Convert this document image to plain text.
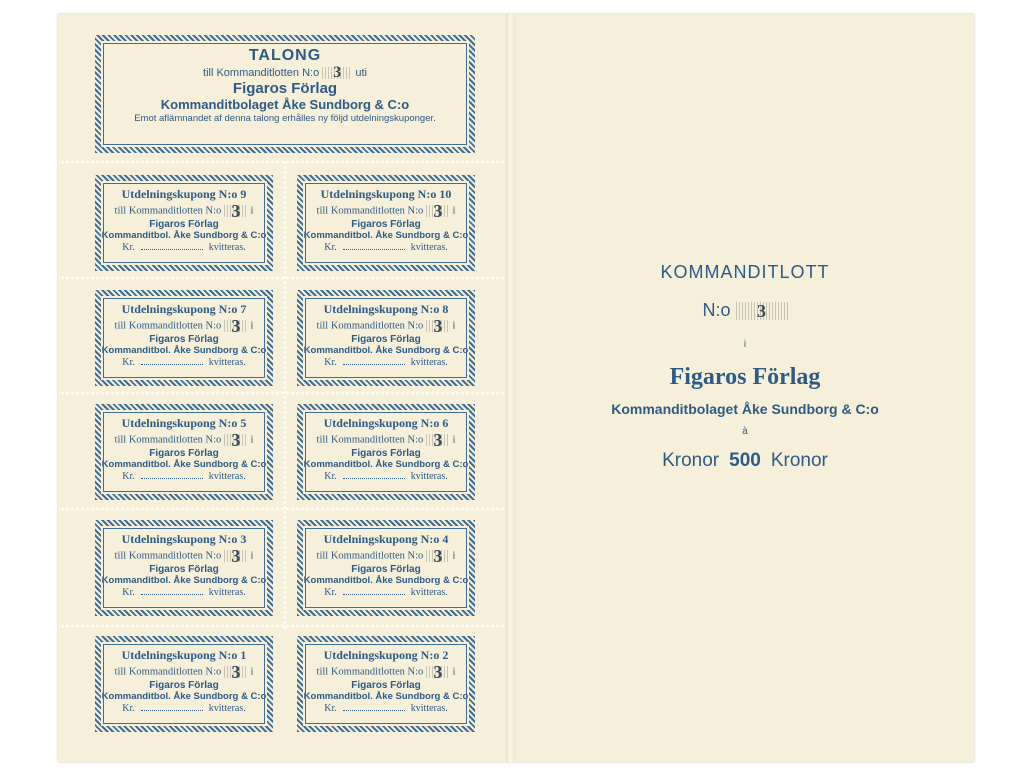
TALONG
till Kommanditlotten N:o 3 uti
Figaros Förlag
Kommanditbolaget Åke Sundborg & C:o
Emot aflämnandet af denna talong erhålles ny följd utdelningskuponger.
Utdelningskupong N:o 9
till Kommanditlotten N:o 3 i
Figaros Förlag
Kommanditbol. Åke Sundborg & C:o
Kr.	kvitteras.
Utdelningskupong N:o 10
till Kommanditlotten N:o 3 i
Figaros Förlag
Kommanditbol. Åke Sundborg & C:o
Kr.	kvitteras.
Utdelningskupong N:o 7
till Kommanditlotten N:o 3 i
Figaros Förlag
Kommanditbol. Åke Sundborg & C:o
Kr.	kvitteras.
Utdelningskupong N:o 8
till Kommanditlotten N:o 3 i
Figaros Förlag
Kommanditbol. Åke Sundborg & C:o
Kr.	kvitteras.
Utdelningskupong N:o 5
till Kommanditlotten N:o 3 i
Figaros Förlag
Kommanditbol. Åke Sundborg & C:o
Kr.	kvitteras.
Utdelningskupong N:o 6
till Kommanditlotten N:o 3 i
Figaros Förlag
Kommanditbol. Åke Sundborg & C:o
Kr.	kvitteras.
Utdelningskupong N:o 3
till Kommanditlotten N:o 3 i
Figaros Förlag
Kommanditbol. Åke Sundborg & C:o
Kr.	kvitteras.
Utdelningskupong N:o 4
till Kommanditlotten N:o 3 i
Figaros Förlag
Kommanditbol. Åke Sundborg & C:o
Kr.	kvitteras.
Utdelningskupong N:o 1
till Kommanditlotten N:o 3 i
Figaros Förlag
Kommanditbol. Åke Sundborg & C:o
Kr.	kvitteras.
Utdelningskupong N:o 2
till Kommanditlotten N:o 3 i
Figaros Förlag
Kommanditbol. Åke Sundborg & C:o
Kr.	kvitteras.
KOMMANDITLOTT
N:o 3
i
Figaros Förlag
Kommanditbolaget Åke Sundborg & C:o
à
Kronor 500 Kronor
